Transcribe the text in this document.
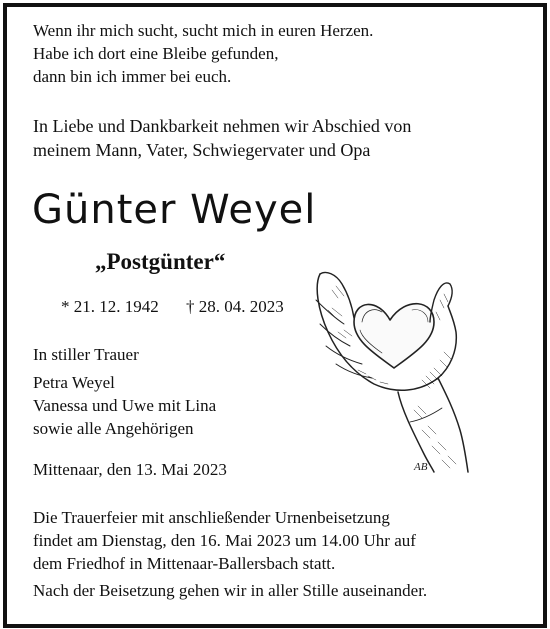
Wenn ihr mich sucht, sucht mich in euren Herzen.

Habe ich dort eine Bleibe gefunden,

dann bin ich immer bei euch.

In Liebe und Dankbarkeit nehmen wir Abschied von

meinem Mann, Vater, Schwiegervater und Opa

Günter Weyel
„Postgünter“

* 21. 12. 1942 † 28. 04. 2023

In stiller Trauer

Petra Weyel

Vanessa und Uwe mit Lina

sowie alle Angehörigen

Mittenaar, den 13. Mai 2023

Die Trauerfeier mit anschließender Urnenbeisetzung

findet am Dienstag, den 16. Mai 2023 um 14.00 Uhr auf

dem Friedhof in Mittenaar-Ballersbach statt.

Nach der Beisetzung gehen wir in aller Stille auseinander.

AB
